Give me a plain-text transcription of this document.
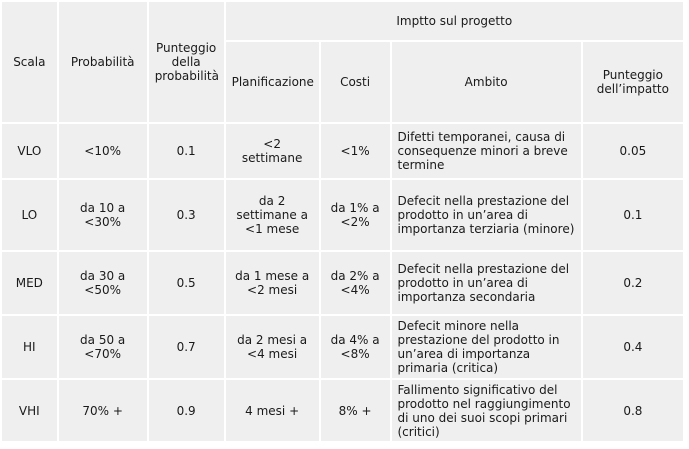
Scala	Probabilità	Punteggio della probabilità	Imptto sul progetto			
			Planificazione	Costi	Ambito	Punteggio dell’impatto
VLO	<10%	0.1	<2 settimane	<1%	Difetti temporanei, causa di consequenze minori a breve termine	0.05
LO	da 10 a <30%	0.3	da 2 settimane a <1 mese	da 1% a <2%	Defecit nella prestazione del prodotto in un’area di importanza terziaria (minore)	0.1
MED	da 30 a <50%	0.5	da 1 mese a <2 mesi	da 2% a <4%	Defecit nella prestazione del prodotto in un’area di importanza secondaria	0.2
HI	da 50 a <70%	0.7	da 2 mesi a <4 mesi	da 4% a <8%	Defecit minore nella prestazione del prodotto in un’area di importanza primaria (critica)	0.4
VHI	70% +	0.9	4 mesi +	8% +	Fallimento significativo del prodotto nel raggiungimento di uno dei suoi scopi primari (critici)	0.8
